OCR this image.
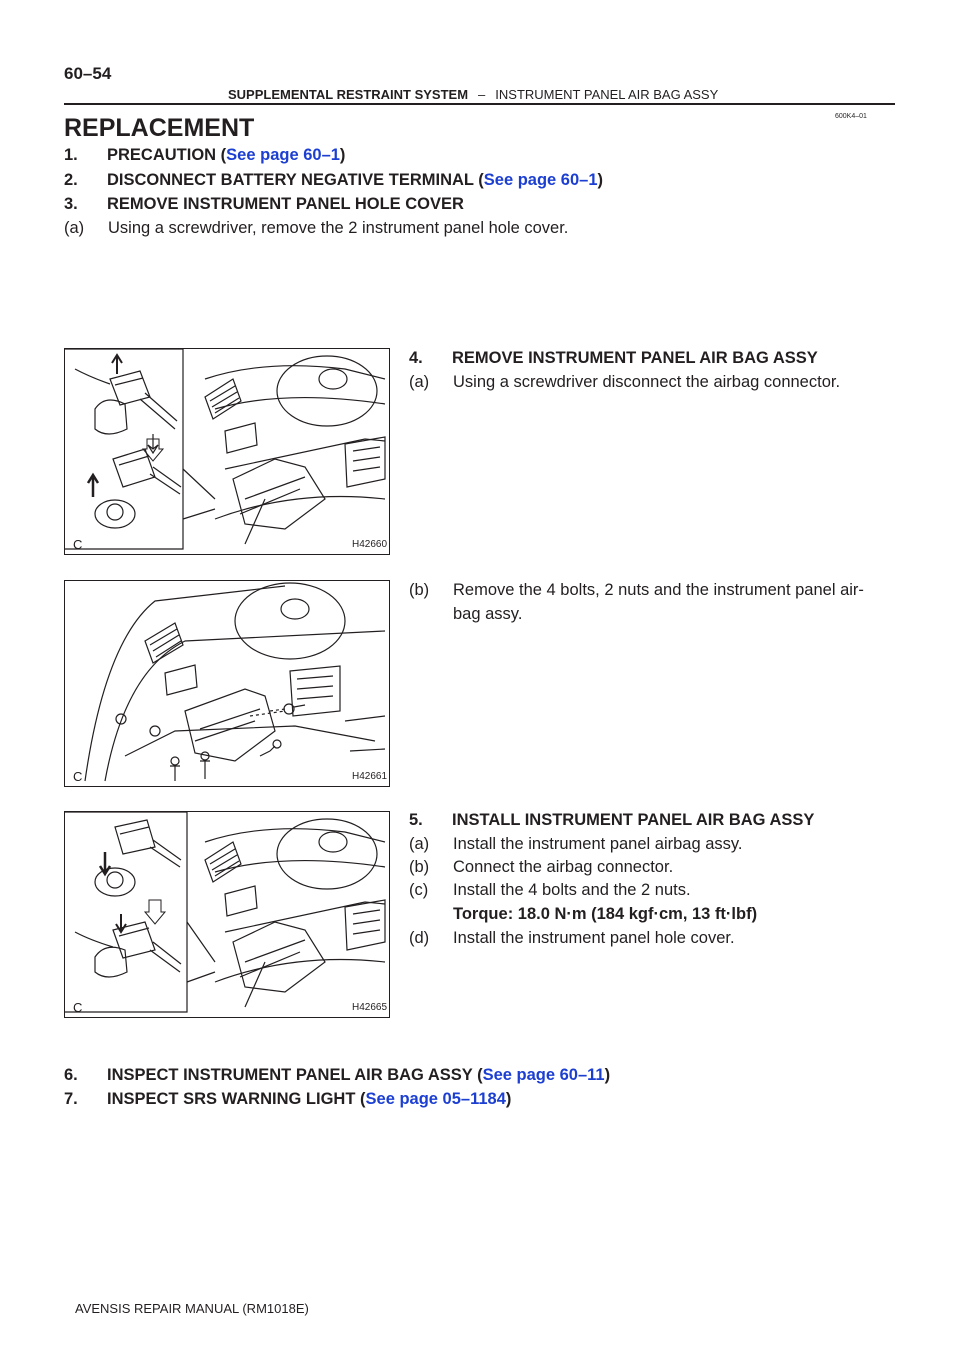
60–54
SUPPLEMENTAL RESTRAINT SYSTEM – INSTRUMENT PANEL AIR BAG ASSY
600K4–01
REPLACEMENT
1. PRECAUTION (See page 60–1)
2. DISCONNECT BATTERY NEGATIVE TERMINAL (See page 60–1)
3. REMOVE INSTRUMENT PANEL HOLE COVER
(a) Using a screwdriver, remove the 2 instrument panel hole cover.
4. REMOVE INSTRUMENT PANEL AIR BAG ASSY
(a) Using a screwdriver disconnect the airbag connector.
(b) Remove the 4 bolts, 2 nuts and the instrument panel air-
bag assy.
5. INSTALL INSTRUMENT PANEL AIR BAG ASSY
(a) Install the instrument panel airbag assy.
(b) Connect the airbag connector.
(c) Install the 4 bolts and the 2 nuts.
Torque: 18.0 N·m (184 kgf·cm, 13 ft·lbf)
(d) Install the instrument panel hole cover.
6. INSPECT INSTRUMENT PANEL AIR BAG ASSY (See page 60–11)
7. INSPECT SRS WARNING LIGHT (See page 05–1184)
C	H42660
C	H42661
C	H42665
AVENSIS REPAIR MANUAL (RM1018E)
